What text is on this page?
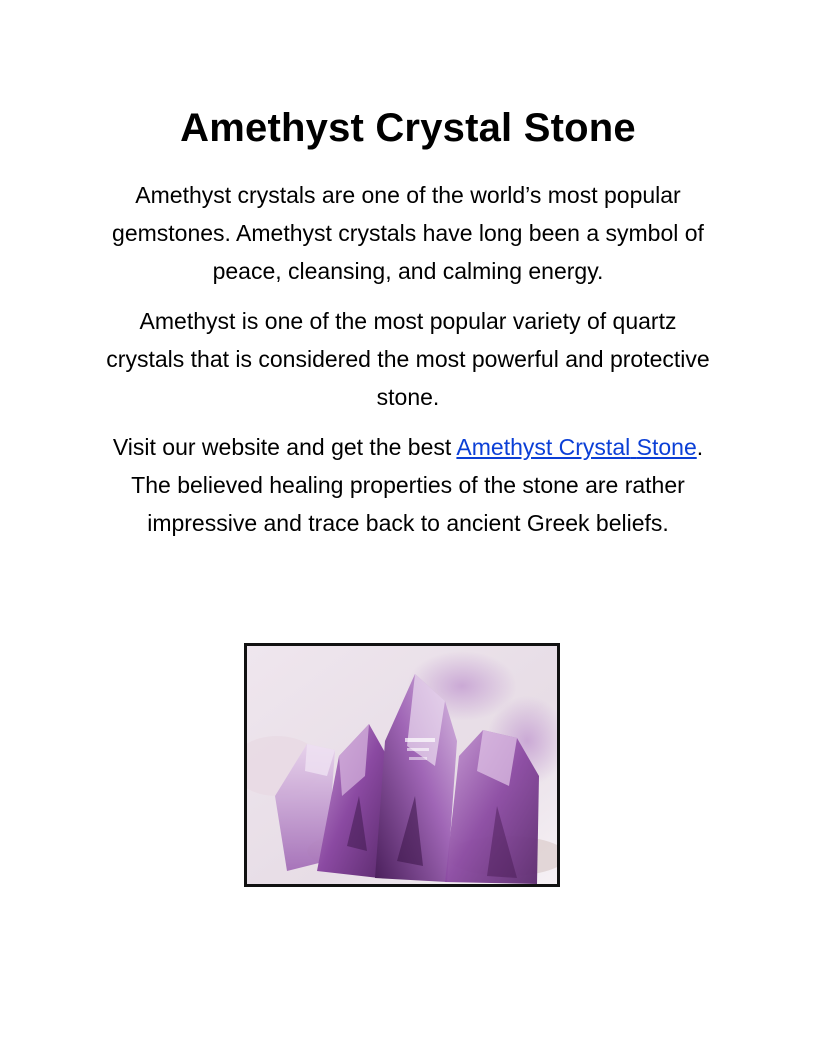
Amethyst Crystal Stone

Amethyst crystals are one of the world’s most popular gemstones. Amethyst crystals have long been a symbol of peace, cleansing, and calming energy.

Amethyst is one of the most popular variety of quartz crystals that is considered the most powerful and protective stone.

Visit our website and get the best Amethyst Crystal Stone. The believed healing properties of the stone are rather impressive and trace back to ancient Greek beliefs.
